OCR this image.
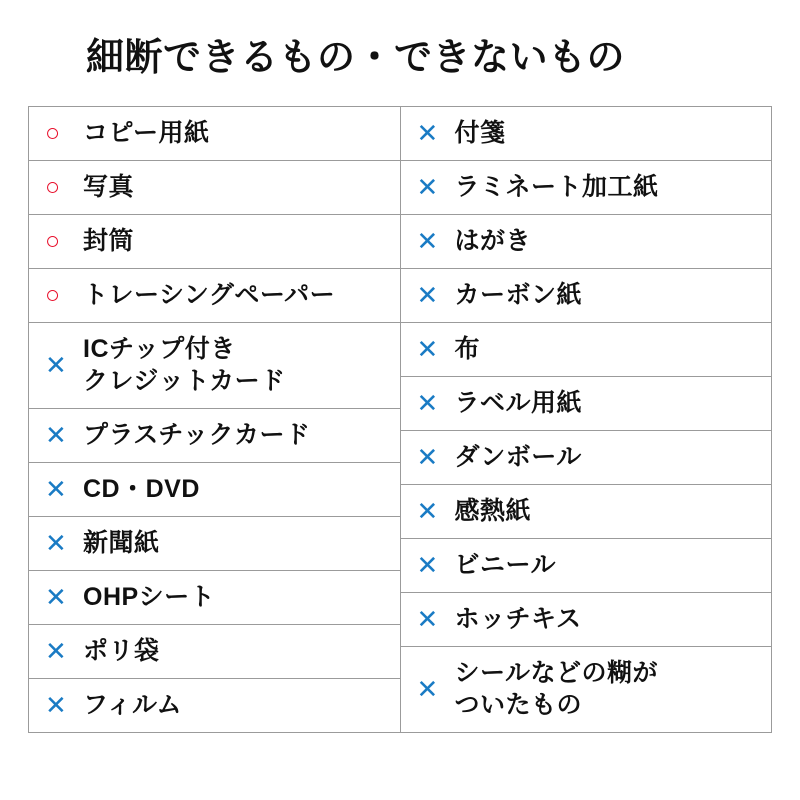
細断できるもの・できないもの
○ コピー用紙
○ 写真
○ 封筒
○ トレーシングペーパー
✕
ICチップ付き
クレジットカード
✕ プラスチックカード
✕ CD・DVD
✕ 新聞紙
✕ OHPシート
✕ ポリ袋
✕ フィルム
✕ 付箋
✕ ラミネート加工紙
✕ はがき
✕ カーボン紙
✕ 布
✕ ラベル用紙
✕ ダンボール
✕ 感熱紙
✕ ビニール
✕ ホッチキス
✕
シールなどの糊が
ついたもの
